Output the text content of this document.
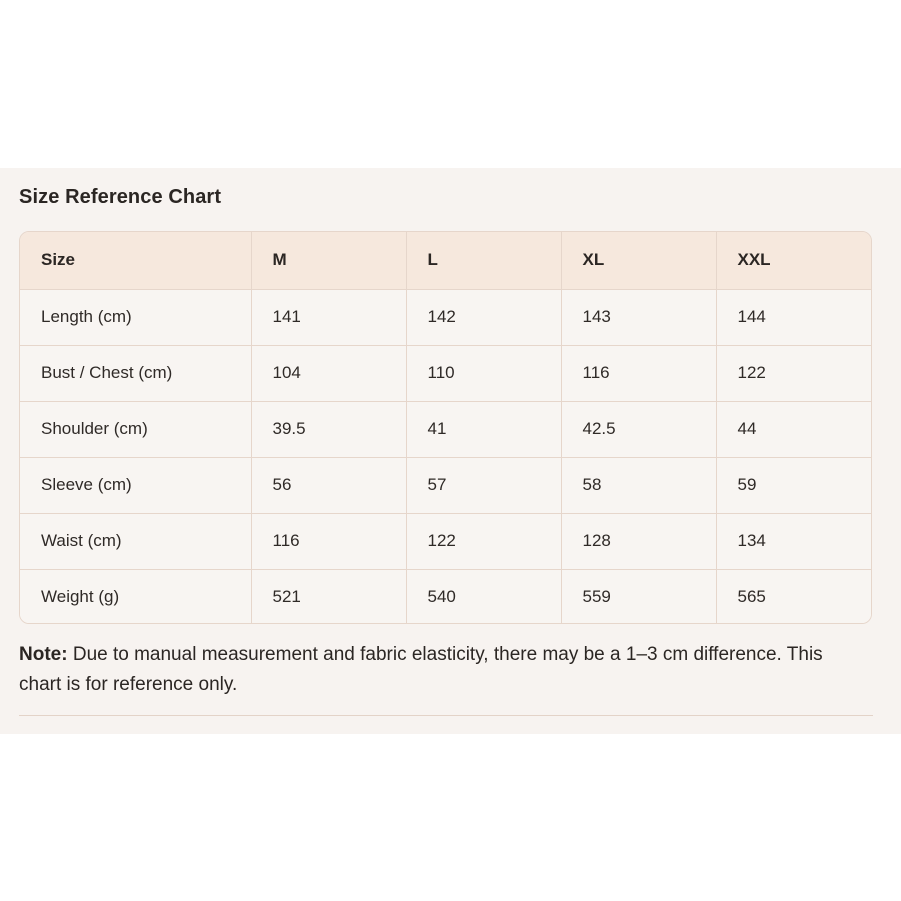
Size Reference Chart
Size	M	L	XL	XXL
Length (cm)	141	142	143	144
Bust / Chest (cm)	104	110	116	122
Shoulder (cm)	39.5	41	42.5	44
Sleeve (cm)	56	57	58	59
Waist (cm)	116	122	128	134
Weight (g)	521	540	559	565
Note: Due to manual measurement and fabric elasticity, there may be a 1–3 cm difference. This chart is for reference only.
